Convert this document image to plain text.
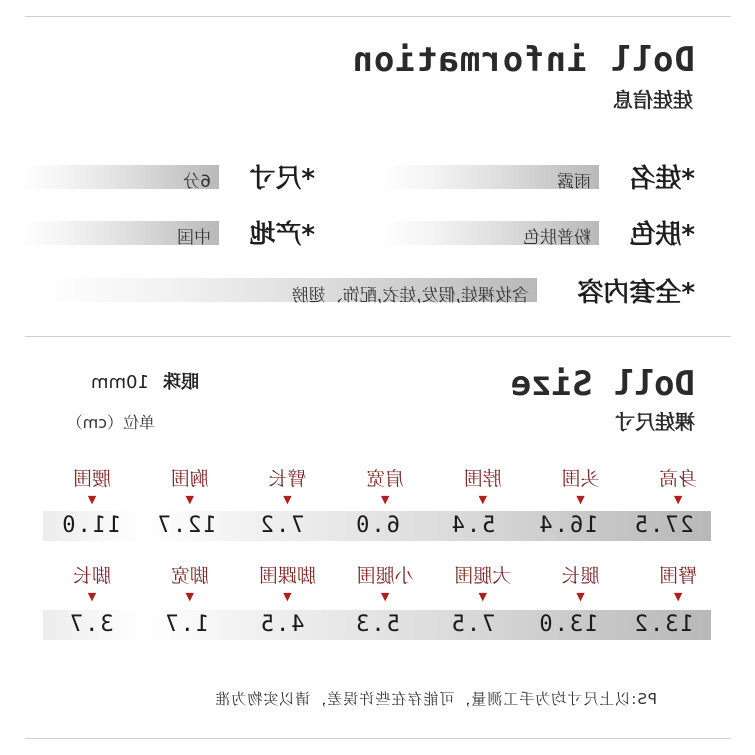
Doll information
娃娃信息
*娃名
雨露
*尺寸
6分
*肤色
粉普肤色
*产地
中国
*全套内容
含妆裸娃,假发,娃衣,配饰、翅膀
Doll Size
裸娃尺寸
眼珠10mm
单位（cm）
身高
▼
头围
▼
脖围
▼
肩宽
▼
臂长
▼
胸围
▼
腰围
▼
27.5
16.4
5.4
6.0
7.2
12.7
11.0
臀围
▼
腿长
▼
大腿围
▼
小腿围
▼
脚踝围
▼
脚宽
▼
脚长
▼
13.2
13.0
7.5
5.3
4.5
1.7
3.7
PS:以上尺寸均为手工测量，可能存在些许误差，请以实物为准
